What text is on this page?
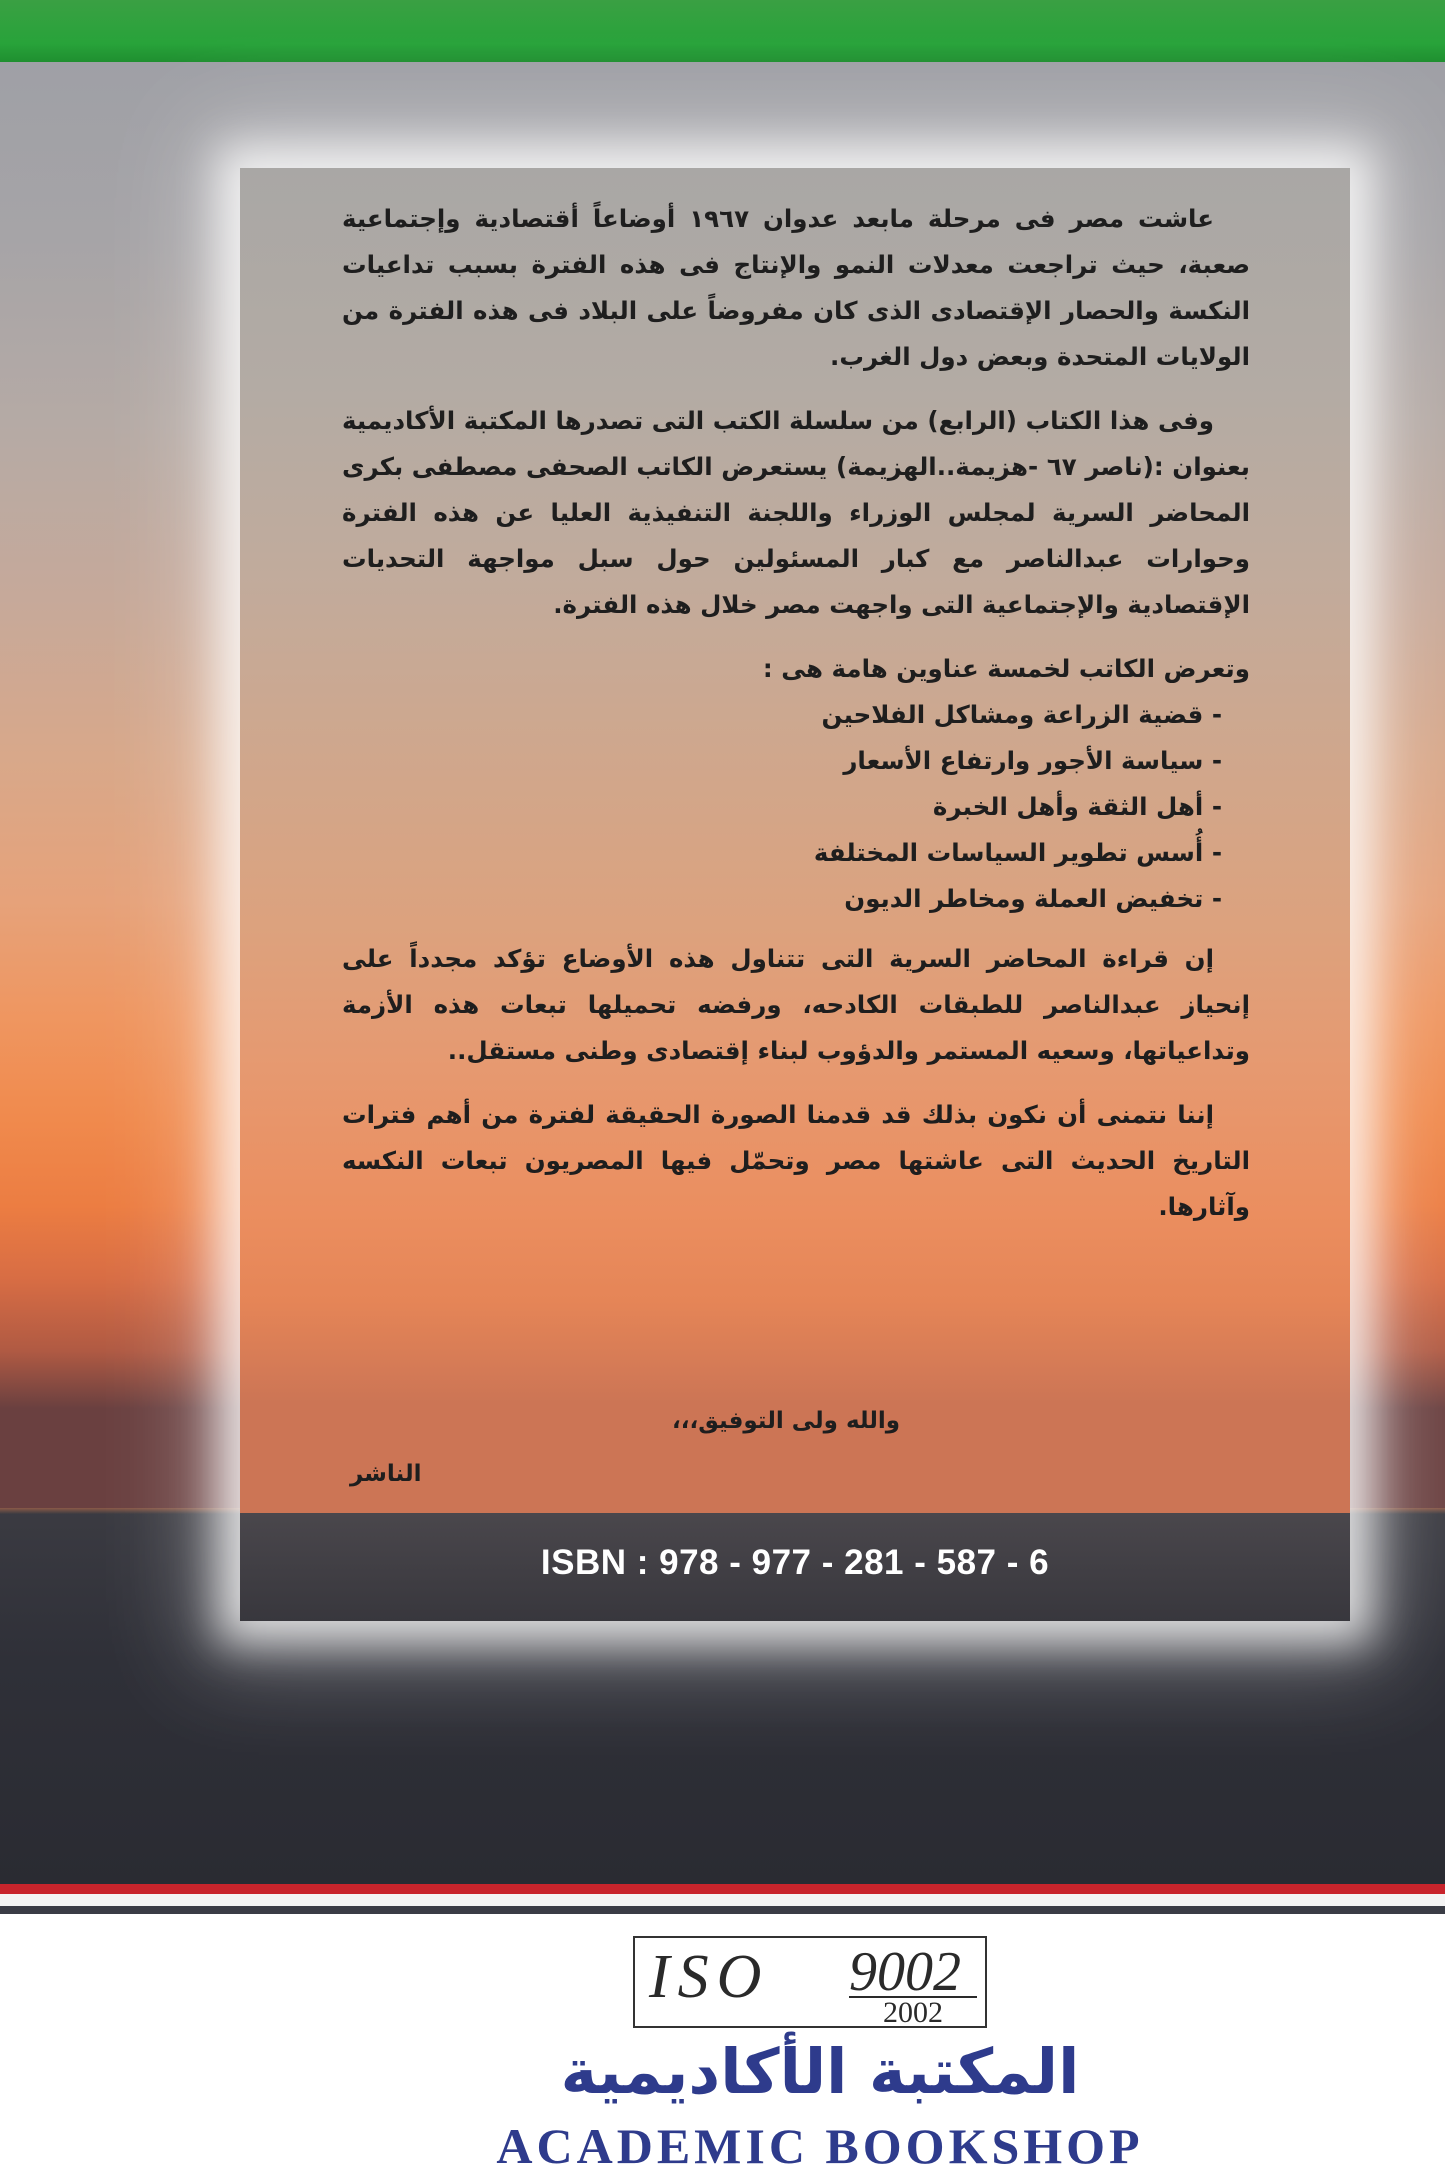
عاشت مصر فى مرحلة مابعد عدوان ١٩٦٧ أوضاعاً أقتصادية وإجتماعية صعبة، حيث تراجعت معدلات النمو والإنتاج فى هذه الفترة بسبب تداعيات النكسة والحصار الإقتصادى الذى كان مفروضاً على البلاد فى هذه الفترة من الولايات المتحدة وبعض دول الغرب.

وفى هذا الكتاب (الرابع) من سلسلة الكتب التى تصدرها المكتبة الأكاديمية بعنوان :(ناصر ٦٧ -هزيمة..الهزيمة) يستعرض الكاتب الصحفى مصطفى بكرى المحاضر السرية لمجلس الوزراء واللجنة التنفيذية العليا عن هذه الفترة وحوارات عبدالناصر مع كبار المسئولين حول سبل مواجهة التحديات الإقتصادية والإجتماعية التى واجهت مصر خلال هذه الفترة.

وتعرض الكاتب لخمسة عناوين هامة هى :

- قضية الزراعة ومشاكل الفلاحين
- سياسة الأجور وارتفاع الأسعار
- أهل الثقة وأهل الخبرة
- أُسس تطوير السياسات المختلفة
- تخفيض العملة ومخاطر الديون

إن قراءة المحاضر السرية التى تتناول هذه الأوضاع تؤكد مجدداً على إنحياز عبدالناصر للطبقات الكادحه، ورفضه تحميلها تبعات هذه الأزمة وتداعياتها، وسعيه المستمر والدؤوب لبناء إقتصادى وطنى مستقل..

إننا نتمنى أن نكون بذلك قد قدمنا الصورة الحقيقة لفترة من أهم فترات التاريخ الحديث التى عاشتها مصر وتحمّل فيها المصريون تبعات النكسه وآثارها.

والله ولى التوفيق،،،
الناشر
ISBN : 978 - 977 - 281 - 587 - 6
ISO 9002
2002
المكتبة الأكاديمية
ACADEMIC BOOKSHOP
